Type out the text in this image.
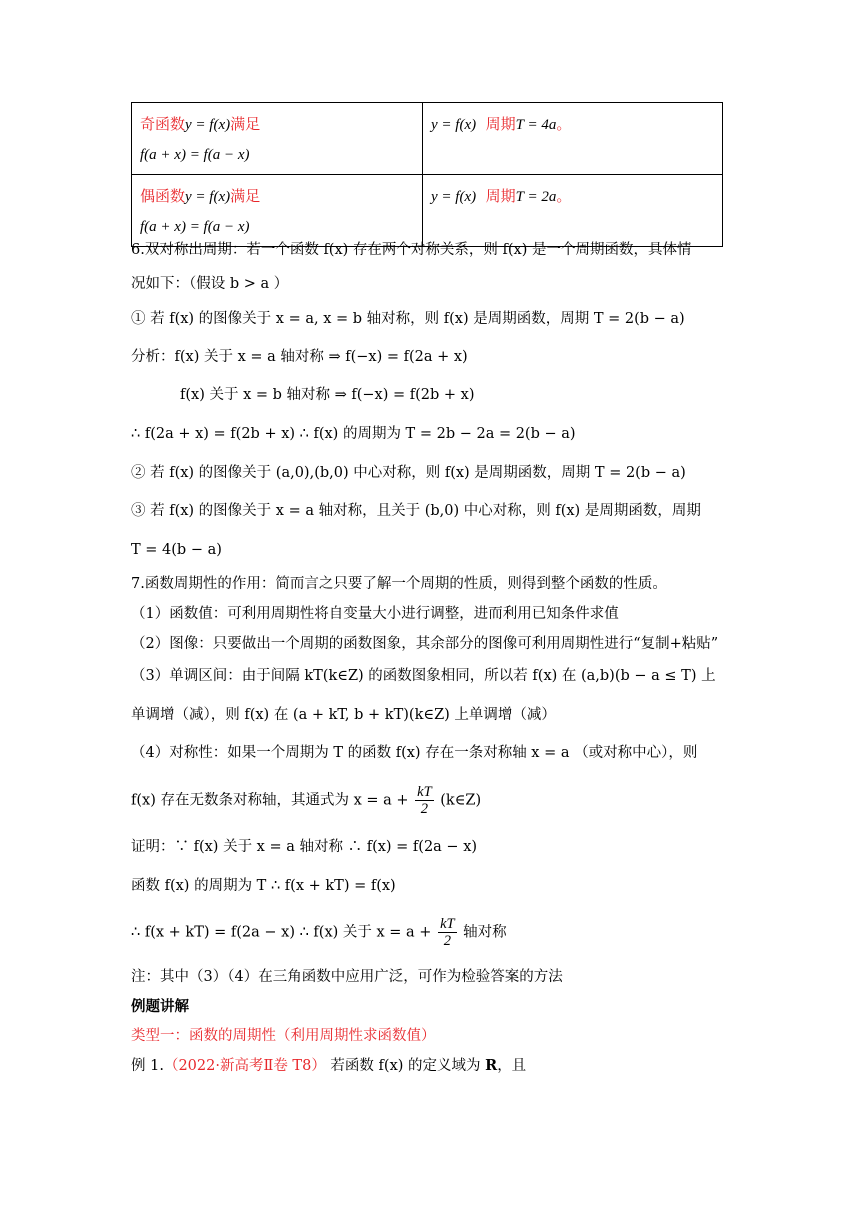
奇函数y = f(x)满足
f(a + x) = f(a − x)	y = f(x) 周期T = 4a。

偶函数y = f(x)满足
f(a + x) = f(a − x)	y = f(x) 周期T = 2a。
6.双对称出周期：若一个函数 f(x) 存在两个对称关系，则 f(x) 是一个周期函数，具体情
况如下：（假设 b > a ）
① 若 f(x) 的图像关于 x = a, x = b 轴对称，则 f(x) 是周期函数，周期 T = 2(b − a)
分析：f(x) 关于 x = a 轴对称 ⇒ f(−x) = f(2a + x)
f(x) 关于 x = b 轴对称 ⇒ f(−x) = f(2b + x)
∴ f(2a + x) = f(2b + x) ∴ f(x) 的周期为 T = 2b − 2a = 2(b − a)
② 若 f(x) 的图像关于 (a,0),(b,0) 中心对称，则 f(x) 是周期函数，周期 T = 2(b − a)
③ 若 f(x) 的图像关于 x = a 轴对称，且关于 (b,0) 中心对称，则 f(x) 是周期函数，周期
T = 4(b − a)
7.函数周期性的作用：简而言之只要了解一个周期的性质，则得到整个函数的性质。
（1）函数值：可利用周期性将自变量大小进行调整，进而利用已知条件求值
（2）图像：只要做出一个周期的函数图象，其余部分的图像可利用周期性进行“复制+粘贴”
（3）单调区间：由于间隔 kT(k∈Z) 的函数图象相同，所以若 f(x) 在 (a,b)(b − a ≤ T) 上
单调增（减），则 f(x) 在 (a + kT, b + kT)(k∈Z) 上单调增（减）
（4）对称性：如果一个周期为 T 的函数 f(x) 存在一条对称轴 x = a （或对称中心），则
f(x) 存在无数条对称轴，其通式为 $x = a + \frac{kT}{2}$ (k∈Z)
证明：∵ f(x) 关于 x = a 轴对称 ∴ f(x) = f(2a − x)
函数 f(x) 的周期为 T ∴ f(x + kT) = f(x)
∴ f(x + kT) = f(2a − x) ∴ f(x) 关于 $x = a + \frac{kT}{2}$ 轴对称
注：其中（3）（4）在三角函数中应用广泛，可作为检验答案的方法
例题讲解
类型一：函数的周期性（利用周期性求函数值）
例 1.（2022·新高考Ⅱ卷 T8） 若函数 f(x) 的定义域为 R，且
